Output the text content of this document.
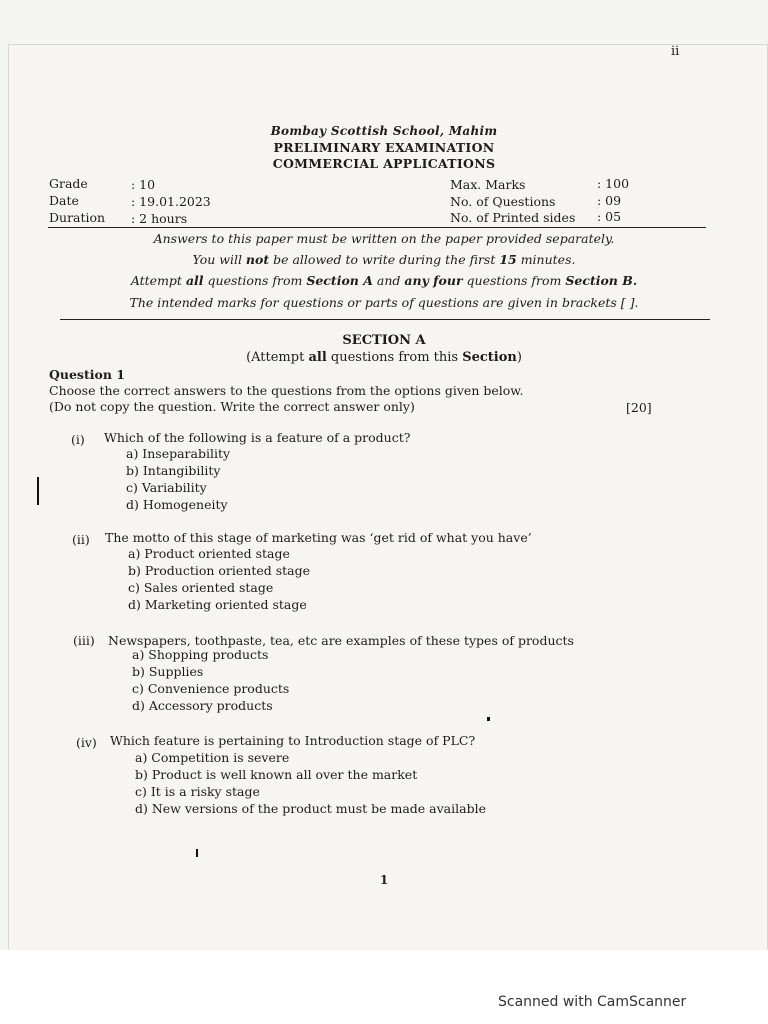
ii
Bombay Scottish School, Mahim
PRELIMINARY EXAMINATION
COMMERCIAL APPLICATIONS
Grade	: 10
Date	: 19.01.2023
Duration : 2 hours
Max. Marks	: 100
No. of Questions	: 09
No. of Printed sides : 05
Answers to this paper must be written on the paper provided separately.
You will not be allowed to write during the first 15 minutes.
Attempt all questions from Section A and any four questions from Section B.
The intended marks for questions or parts of questions are given in brackets [ ].
SECTION A
(Attempt all questions from this Section)
Question 1
Choose the correct answers to the questions from the options given below.
(Do not copy the question. Write the correct answer only)	[20]
(i) Which of the following is a feature of a product?
a) Inseparability
b) Intangibility
c) Variability
d) Homogeneity
(ii) The motto of this stage of marketing was ‘get rid of what you have’
a) Product oriented stage
b) Production oriented stage
c) Sales oriented stage
d) Marketing oriented stage
(iii) Newspapers, toothpaste, tea, etc are examples of these types of products
a) Shopping products
b) Supplies
c) Convenience products
d) Accessory products
(iv) Which feature is pertaining to Introduction stage of PLC?
a) Competition is severe
b) Product is well known all over the market
c) It is a risky stage
d) New versions of the product must be made available
1
Scanned with CamScanner
